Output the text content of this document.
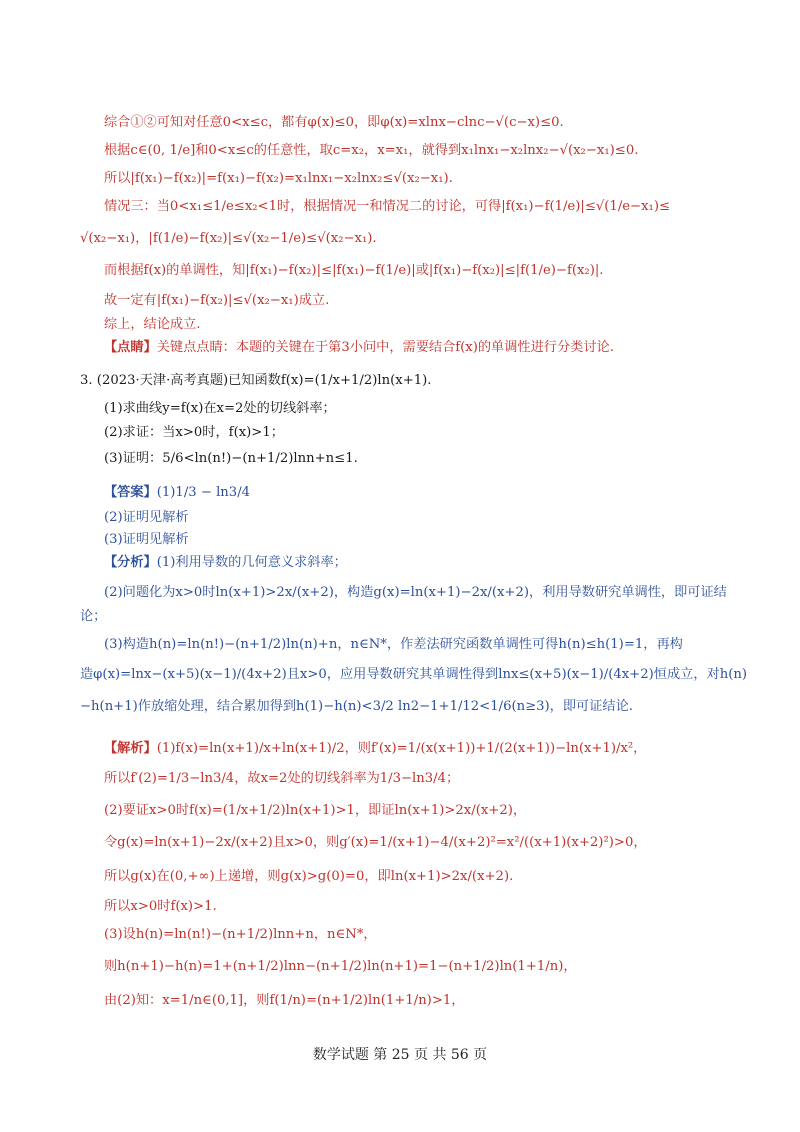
综合①②可知对任意0<x≤c，都有φ(x)≤0，即φ(x)=xlnx−clnc−√(c−x)≤0.
根据c∈(0, 1/e]和0<x≤c的任意性，取c=x₂，x=x₁，就得到x₁lnx₁−x₂lnx₂−√(x₂−x₁)≤0.
所以|f(x₁)−f(x₂)|=f(x₁)−f(x₂)=x₁lnx₁−x₂lnx₂≤√(x₂−x₁).
情况三：当0<x₁≤1/e≤x₂<1时，根据情况一和情况二的讨论，可得|f(x₁)−f(1/e)|≤√(1/e−x₁)≤
√(x₂−x₁)，|f(1/e)−f(x₂)|≤√(x₂−1/e)≤√(x₂−x₁).
而根据f(x)的单调性，知|f(x₁)−f(x₂)|≤|f(x₁)−f(1/e)|或|f(x₁)−f(x₂)|≤|f(1/e)−f(x₂)|.
故一定有|f(x₁)−f(x₂)|≤√(x₂−x₁)成立.
综上，结论成立.
【点睛】关键点点睛：本题的关键在于第3小问中，需要结合f(x)的单调性进行分类讨论.
3. (2023·天津·高考真题)已知函数f(x)=(1/x+1/2)ln(x+1).
(1)求曲线y=f(x)在x=2处的切线斜率；
(2)求证：当x>0时，f(x)>1；
(3)证明：5/6<ln(n!)−(n+1/2)lnn+n≤1.
【答案】(1)1/3 − ln3/4
(2)证明见解析
(3)证明见解析
【分析】(1)利用导数的几何意义求斜率；
(2)问题化为x>0时ln(x+1)>2x/(x+2)，构造g(x)=ln(x+1)−2x/(x+2)，利用导数研究单调性，即可证结
论；
(3)构造h(n)=ln(n!)−(n+1/2)ln(n)+n，n∈N*，作差法研究函数单调性可得h(n)≤h(1)=1，再构
造φ(x)=lnx−(x+5)(x−1)/(4x+2)且x>0，应用导数研究其单调性得到lnx≤(x+5)(x−1)/(4x+2)恒成立，对h(n)
−h(n+1)作放缩处理，结合累加得到h(1)−h(n)<3/2 ln2−1+1/12<1/6(n≥3)，即可证结论.
【解析】(1)f(x)=ln(x+1)/x+ln(x+1)/2，则f′(x)=1/(x(x+1))+1/(2(x+1))−ln(x+1)/x²，
所以f′(2)=1/3−ln3/4，故x=2处的切线斜率为1/3−ln3/4；
(2)要证x>0时f(x)=(1/x+1/2)ln(x+1)>1，即证ln(x+1)>2x/(x+2)，
令g(x)=ln(x+1)−2x/(x+2)且x>0，则g′(x)=1/(x+1)−4/(x+2)²=x²/((x+1)(x+2)²)>0，
所以g(x)在(0,+∞)上递增，则g(x)>g(0)=0，即ln(x+1)>2x/(x+2).
所以x>0时f(x)>1.
(3)设h(n)=ln(n!)−(n+1/2)lnn+n，n∈N*，
则h(n+1)−h(n)=1+(n+1/2)lnn−(n+1/2)ln(n+1)=1−(n+1/2)ln(1+1/n)，
由(2)知：x=1/n∈(0,1]，则f(1/n)=(n+1/2)ln(1+1/n)>1，
数学试题 第 25 页 共 56 页
